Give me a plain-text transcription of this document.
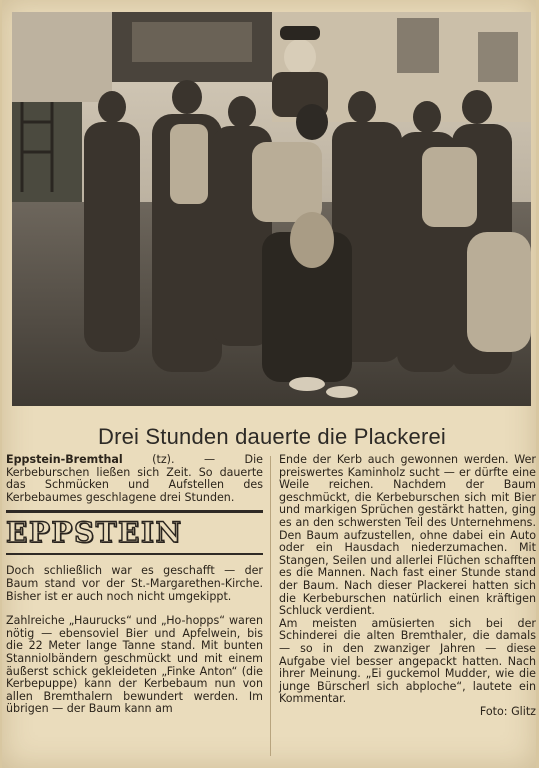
Drei Stunden dauerte die Plackerei

Eppstein-Bremthal (tz). — Die Kerbeburschen ließen sich Zeit. So dauerte das Schmücken und Aufstellen des Kerbebaumes geschlagene drei Stunden.

EPPSTEIN

Doch schließlich war es geschafft — der Baum stand vor der St.-Margarethen-Kirche. Bisher ist er auch noch nicht umgekippt.

Zahlreiche „Haurucks“ und „Ho-hopps“ waren nötig — ebensoviel Bier und Apfelwein, bis die 22 Meter lange Tanne stand. Mit bunten Stanniolbändern geschmückt und mit einem äußerst schick gekleideten „Finke Anton“ (die Kerbepuppe) kann der Kerbebaum nun von allen Bremthalern bewundert werden. Im übrigen — der Baum kann am

Ende der Kerb auch gewonnen werden. Wer preiswertes Kaminholz sucht — er dürfte eine Weile reichen. Nachdem der Baum geschmückt, die Kerbeburschen sich mit Bier und markigen Sprüchen gestärkt hatten, ging es an den schwersten Teil des Unternehmens. Den Baum aufzustellen, ohne dabei ein Auto oder ein Hausdach niederzumachen. Mit Stangen, Seilen und allerlei Flüchen schafften es die Mannen. Nach fast einer Stunde stand der Baum. Nach dieser Plackerei hatten sich die Kerbeburschen natürlich einen kräftigen Schluck verdient.

Am meisten amüsierten sich bei der Schinderei die alten Bremthaler, die damals — so in den zwanziger Jahren — diese Aufgabe viel besser angepackt hatten. Nach ihrer Meinung. „Ei guckemol Mudder, wie die junge Bürscherl sich abploche“, lautete ein Kommentar.

Foto: Glitz
